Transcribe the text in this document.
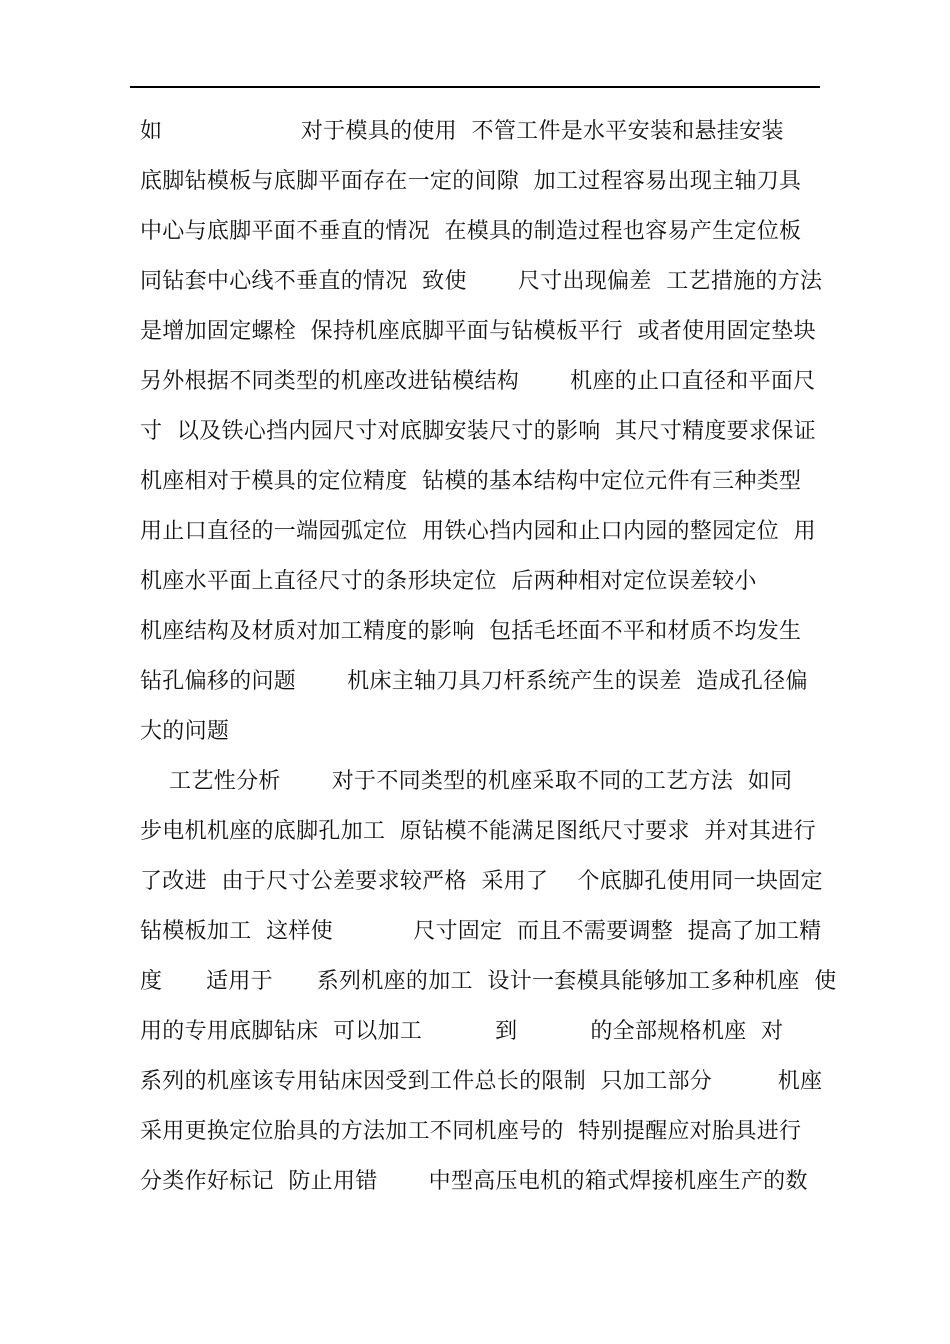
如                   对于模具的使用  不管工件是水平安装和悬挂安装
底脚钻模板与底脚平面存在一定的间隙  加工过程容易出现主轴刀具
中心与底脚平面不垂直的情况  在模具的制造过程也容易产生定位板
同钻套中心线不垂直的情况  致使       尺寸出现偏差  工艺措施的方法
是增加固定螺栓  保持机座底脚平面与钻模板平行  或者使用固定垫块
另外根据不同类型的机座改进钻模结构       机座的止口直径和平面尺
寸  以及铁心挡内园尺寸对底脚安装尺寸的影响  其尺寸精度要求保证
机座相对于模具的定位精度  钻模的基本结构中定位元件有三种类型
用止口直径的一端园弧定位  用铁心挡内园和止口内园的整园定位  用
机座水平面上直径尺寸的条形块定位  后两种相对定位误差较小
机座结构及材质对加工精度的影响  包括毛坯面不平和材质不均发生
钻孔偏移的问题       机床主轴刀具刀杆系统产生的误差  造成孔径偏
大的问题
工艺性分析       对于不同类型的机座采取不同的工艺方法  如同
步电机机座的底脚孔加工  原钻模不能满足图纸尺寸要求  并对其进行
了改进  由于尺寸公差要求较严格  采用了    个底脚孔使用同一块固定
钻模板加工  这样使           尺寸固定  而且不需要调整  提高了加工精
度      适用于      系列机座的加工  设计一套模具能够加工多种机座  使
用的专用底脚钻床  可以加工          到          的全部规格机座  对
系列的机座该专用钻床因受到工件总长的限制  只加工部分         机座
采用更换定位胎具的方法加工不同机座号的  特别提醒应对胎具进行
分类作好标记  防止用错       中型高压电机的箱式焊接机座生产的数
